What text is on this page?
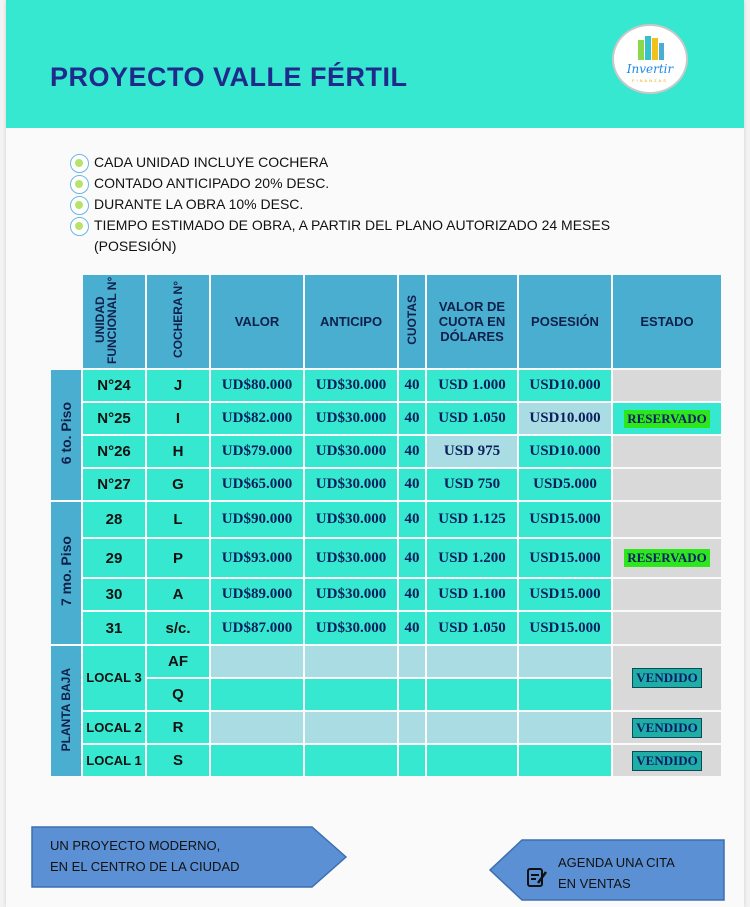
PROYECTO VALLE FÉRTIL	Invertir
FINANZAS
CADA UNIDAD INCLUYE COCHERA
CONTADO ANTICIPADO 20% DESC.
DURANTE LA OBRA 10% DESC.
TIEMPO ESTIMADO DE OBRA, A PARTIR DEL PLANO AUTORIZADO 24 MESES
(POSESIÓN)
	UNIDAD FUNCIONAL N°	COCHERA N°	VALOR	ANTICIPO	CUOTAS	VALOR DE CUOTA EN DÓLARES	POSESIÓN	ESTADO
6 to. Piso	N°24	J	UD$80.000	UD$30.000	40	USD 1.000	USD10.000	
	N°25	I	UD$82.000	UD$30.000	40	USD 1.050	USD10.000	RESERVADO
	N°26	H	UD$79.000	UD$30.000	40	USD 975	USD10.000	
	N°27	G	UD$65.000	UD$30.000	40	USD 750	USD5.000	
7 mo. Piso	28	L	UD$90.000	UD$30.000	40	USD 1.125	USD15.000	
	29	P	UD$93.000	UD$30.000	40	USD 1.200	USD15.000	RESERVADO
	30	A	UD$89.000	UD$30.000	40	USD 1.100	USD15.000	
	31	s/c.	UD$87.000	UD$30.000	40	USD 1.050	USD15.000	
PLANTA BAJA	LOCAL 3	AF						VENDIDO
		Q						
	LOCAL 2	R						VENDIDO
	LOCAL 1	S						VENDIDO
UN PROYECTO MODERNO,
EN EL CENTRO DE LA CIUDAD	AGENDA UNA CITA
EN VENTAS
